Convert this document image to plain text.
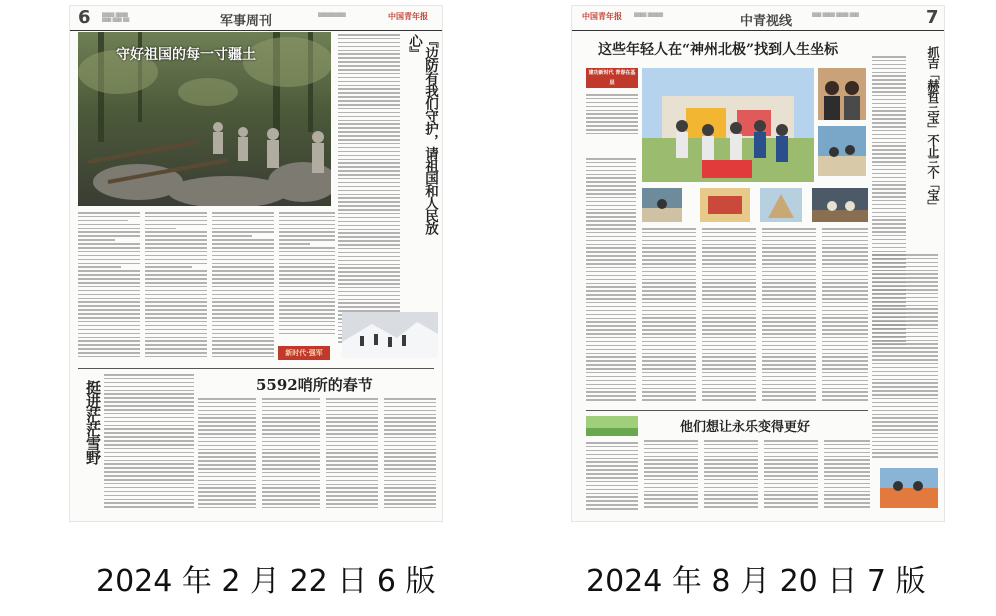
6	▒▒▒▒ ▒▒▒▒
▒▒▒ ▒▒▒ ▒▒	军事周刊	▒▒▒▒▒▒▒▒▒	中国青年报
守好祖国的每一寸疆土	『边防有我们守护，请祖国和人民放心』
新时代·强军
挺进茫茫雪野	5592哨所的春节
中国青年报	▒▒▒▒ ▒▒▒▒▒	中青视线	▒▒▒ ▒▒▒▒ ▒▒▒▒ ▒▒▒	7
这些年轻人在“神州北极”找到人生坐标
建功新时代 青春在基层	抓吉「赫哲三宝」不止三个「宝」
他们想让永乐变得更好
2024 年 2 月 22 日 6 版	2024 年 8 月 20 日 7 版
